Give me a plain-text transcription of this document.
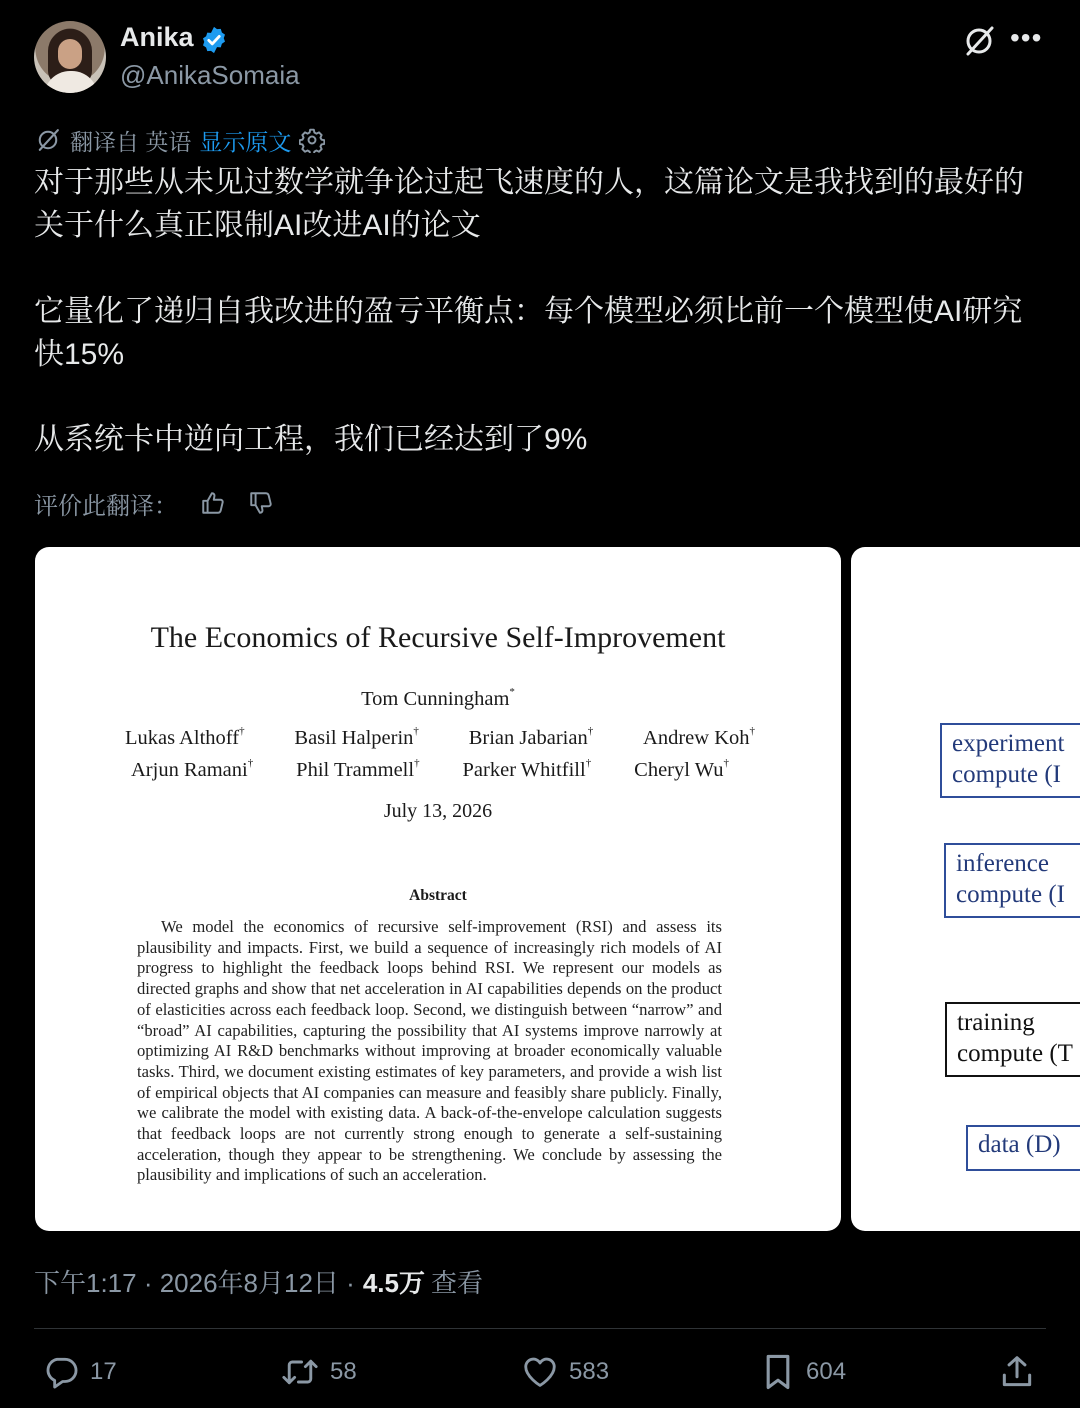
Anika
@AnikaSomaia
•••
翻译自 英语 显示原文
对于那些从未见过数学就争论过起飞速度的人，这篇论文是我找到的最好的关于什么真正限制AI改进AI的论文
它量化了递归自我改进的盈亏平衡点：每个模型必须比前一个模型使AI研究快15%
从系统卡中逆向工程，我们已经达到了9%
评价此翻译：
The Economics of Recursive Self-Improvement
Tom Cunningham*
Lukas Althoff† Basil Halperin† Brian Jabarian† Andrew Koh†
Arjun Ramani† Phil Trammell† Parker Whitfill† Cheryl Wu†
July 13, 2026
Abstract
We model the economics of recursive self-improvement (RSI) and assess its plausibility and impacts. First, we build a sequence of increasingly rich models of AI progress to highlight the feedback loops behind RSI. We represent our models as directed graphs and show that net acceleration in AI capabilities depends on the product of elasticities across each feedback loop. Second, we distinguish between “narrow” and “broad” AI capabilities, capturing the possibility that AI systems improve narrowly at optimizing AI R&D benchmarks without improving at broader economically valuable tasks. Third, we document existing estimates of key parameters, and provide a wish list of empirical objects that AI companies can measure and feasibly share publicly. Finally, we calibrate the model with existing data. A back-of-the-envelope calculation suggests that feedback loops are not currently strong enough to generate a self-sustaining acceleration, though they appear to be strengthening. We conclude by assessing the plausibility and implications of such an acceleration.
experiment
compute (I
inference
compute (I
training
compute (T
data (D)
下午1:17 · 2026年8月12日 · 4.5万 查看
17	58	583	604
